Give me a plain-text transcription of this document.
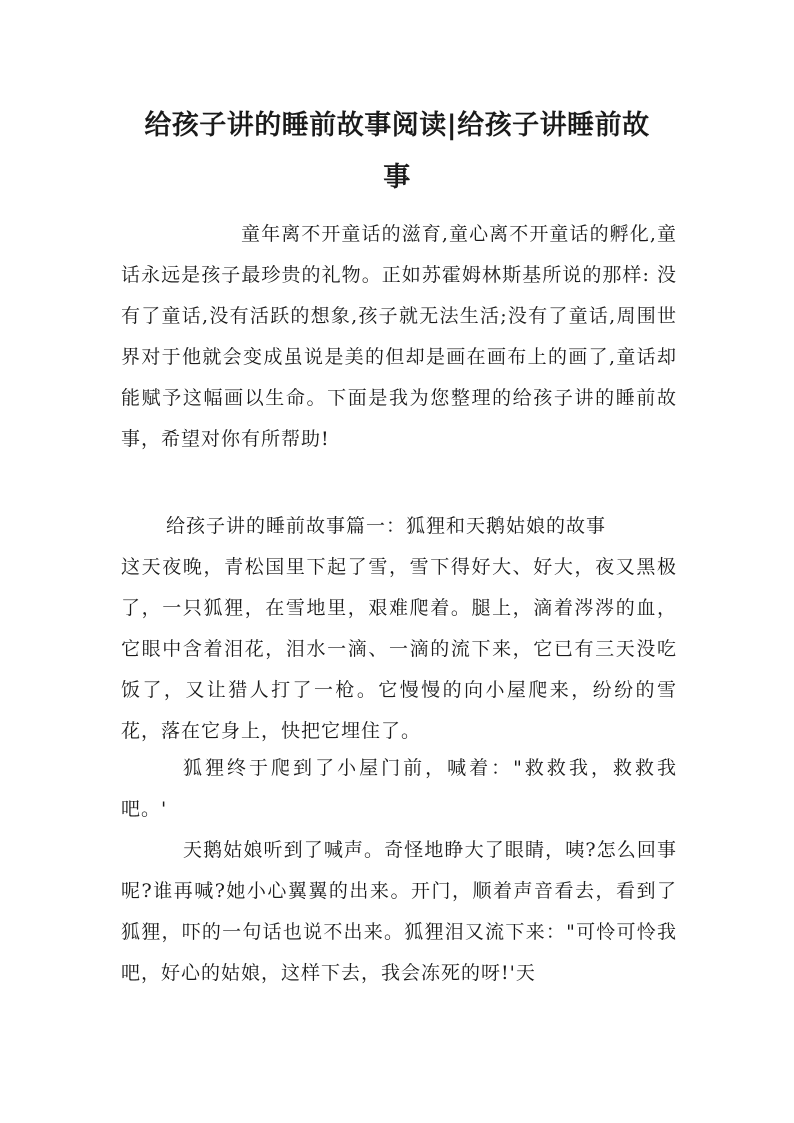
给孩子讲的睡前故事阅读|给孩子讲睡前故
事

童年离不开童话的滋育,童心离不开童话的孵化,童话永远是孩子最珍贵的礼物。正如苏霍姆林斯基所说的那样: 没有了童话,没有活跃的想象,孩子就无法生活;没有了童话,周围世界对于他就会变成虽说是美的但却是画在画布上的画了,童话却能赋予这幅画以生命。下面是我为您整理的给孩子讲的睡前故事，希望对你有所帮助!

给孩子讲的睡前故事篇一：狐狸和天鹅姑娘的故事
这天夜晚，青松国里下起了雪，雪下得好大、好大，夜又黑极了，一只狐狸，在雪地里，艰难爬着。腿上，滴着涔涔的血，它眼中含着泪花，泪水一滴、一滴的流下来，它已有三天没吃饭了，又让猎人打了一枪。它慢慢的向小屋爬来，纷纷的雪花，落在它身上，快把它埋住了。

狐狸终于爬到了小屋门前，喊着："救救我，救救我吧。'

天鹅姑娘听到了喊声。奇怪地睁大了眼睛，咦?怎么回事呢?谁再喊?她小心翼翼的出来。开门，顺着声音看去，看到了狐狸，吓的一句话也说不出来。狐狸泪又流下来："可怜可怜我吧，好心的姑娘，这样下去，我会冻死的呀!'天
